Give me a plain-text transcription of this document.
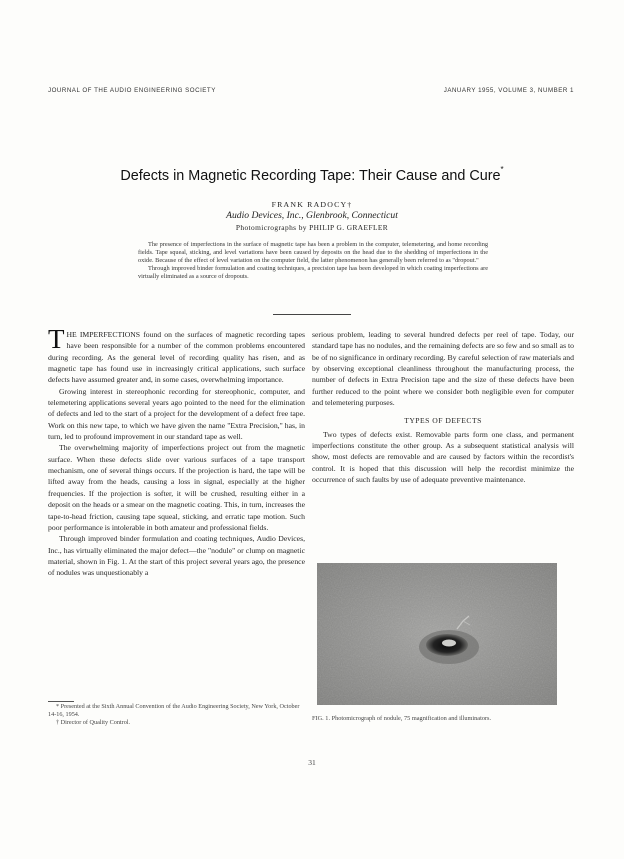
JOURNAL OF THE AUDIO ENGINEERING SOCIETY	JANUARY 1955, VOLUME 3, NUMBER 1
Defects in Magnetic Recording Tape: Their Cause and Cure*
FRANK RADOCY†
Audio Devices, Inc., Glenbrook, Connecticut
Photomicrographs by PHILIP G. GRAEFLER

The presence of imperfections in the surface of magnetic tape has been a problem in the computer, telemetering, and home recording fields. Tape squeal, sticking, and level variations have been caused by deposits on the head due to the shedding of imperfections in the oxide. Because of the effect of level variation on the computer field, the latter phenomenon has generally been referred to as "dropout."

Through improved binder formulation and coating techniques, a precision tape has been developed in which coating imperfections are virtually eliminated as a source of dropouts.

THE IMPERFECTIONS found on the surfaces of magnetic recording tapes have been responsible for a number of the common problems encountered during recording. As the general level of recording quality has risen, and as magnetic tape has found use in increasingly critical applications, such surface defects have assumed greater and, in some cases, overwhelming importance.

Growing interest in stereophonic recording for stereophonic, computer, and telemetering applications several years ago pointed to the need for the elimination of defects and led to the start of a project for the development of a defect free tape. Work on this new tape, to which we have given the name "Extra Precision," has, in turn, led to profound improvement in our standard tape as well.

The overwhelming majority of imperfections project out from the magnetic surface. When these defects slide over various surfaces of a tape transport mechanism, one of several things occurs. If the projection is hard, the tape will be lifted away from the heads, causing a loss in signal, especially at the higher frequencies. If the projection is softer, it will be crushed, resulting either in a deposit on the heads or a smear on the magnetic coating. This, in turn, increases the tape-to-head friction, causing tape squeal, sticking, and erratic tape motion. Such poor performance is intolerable in both amateur and professional fields.

Through improved binder formulation and coating techniques, Audio Devices, Inc., has virtually eliminated the major defect—the "nodule" or clump on magnetic material, shown in Fig. 1. At the start of this project several years ago, the presence of nodules was unquestionably a

serious problem, leading to several hundred defects per reel of tape. Today, our standard tape has no nodules, and the remaining defects are so few and so small as to be of no significance in ordinary recording. By careful selection of raw materials and by observing exceptional cleanliness throughout the manufacturing process, the number of defects in Extra Precision tape and the size of these defects have been further reduced to the point where we consider both negligible even for computer and telemetering purposes.

TYPES OF DEFECTS

Two types of defects exist. Removable parts form one class, and permanent imperfections constitute the other group. As a subsequent statistical analysis will show, most defects are removable and are caused by factors within the recordist's control. It is hoped that this discussion will help the recordist minimize the occurrence of such faults by use of adequate preventive maintenance.

FIG. 1. Photomicrograph of nodule, 75 magnification and illuminators.

* Presented at the Sixth Annual Convention of the Audio Engineering Society, New York, October 14-16, 1954.

† Director of Quality Control.

31
